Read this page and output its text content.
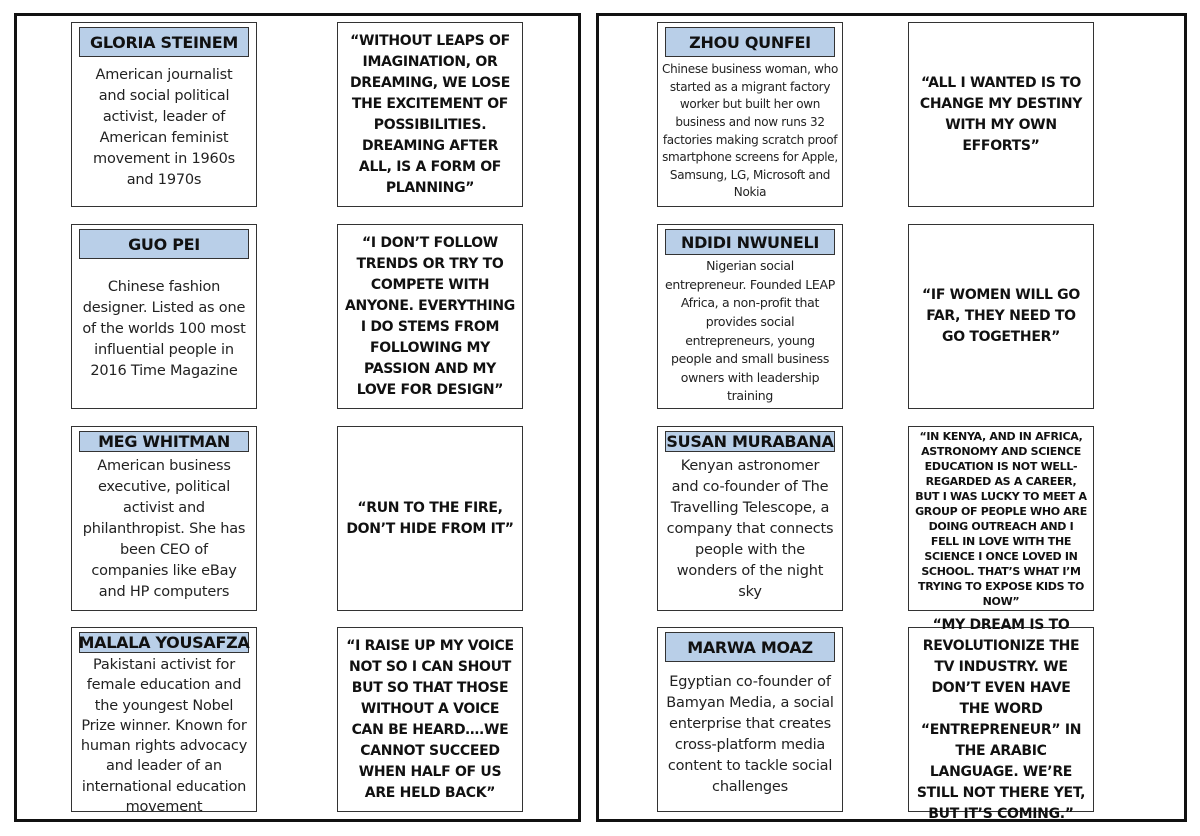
GLORIA STEINEM
American journalist and social political activist, leader of American feminist movement in 1960s and 1970s
“WITHOUT LEAPS OF IMAGINATION, OR DREAMING, WE LOSE THE EXCITEMENT OF POSSIBILITIES. DREAMING AFTER ALL, IS A FORM OF PLANNING”
GUO PEI
Chinese fashion designer. Listed as one of the worlds 100 most influential people in 2016 Time Magazine
“I DON’T FOLLOW TRENDS OR TRY TO COMPETE WITH ANYONE. EVERYTHING I DO STEMS FROM FOLLOWING MY PASSION AND MY LOVE FOR DESIGN”
MEG WHITMAN
American business executive, political activist and philanthropist. She has been CEO of companies like eBay and HP computers
“RUN TO THE FIRE, DON’T HIDE FROM IT”
MALALA YOUSAFZA
Pakistani activist for female education and the youngest Nobel Prize winner. Known for human rights advocacy and leader of an international education movement
“I RAISE UP MY VOICE NOT SO I CAN SHOUT BUT SO THAT THOSE WITHOUT A VOICE CAN BE HEARD….WE CANNOT SUCCEED WHEN HALF OF US ARE HELD BACK”
ZHOU QUNFEI
Chinese business woman, who started as a migrant factory worker but built her own business and now runs 32 factories making scratch proof smartphone screens for Apple, Samsung, LG, Microsoft and Nokia
“ALL I WANTED IS TO CHANGE MY DESTINY WITH MY OWN EFFORTS”
NDIDI NWUNELI
Nigerian social entrepreneur. Founded LEAP Africa, a non-profit that provides social entrepreneurs, young people and small business owners with leadership training
“IF WOMEN WILL GO FAR, THEY NEED TO GO TOGETHER”
SUSAN MURABANA
Kenyan astronomer and co-founder of The Travelling Telescope, a company that connects people with the wonders of the night sky
“IN KENYA, AND IN AFRICA, ASTRONOMY AND SCIENCE EDUCATION IS NOT WELL-REGARDED AS A CAREER, BUT I WAS LUCKY TO MEET A GROUP OF PEOPLE WHO ARE DOING OUTREACH AND I FELL IN LOVE WITH THE SCIENCE I ONCE LOVED IN SCHOOL. THAT’S WHAT I’M TRYING TO EXPOSE KIDS TO NOW”
MARWA MOAZ
Egyptian co-founder of Bamyan Media, a social enterprise that creates cross-platform media content to tackle social challenges
“MY DREAM IS TO REVOLUTIONIZE THE TV INDUSTRY. WE DON’T EVEN HAVE THE WORD “ENTREPRENEUR” IN THE ARABIC LANGUAGE. WE’RE STILL NOT THERE YET, BUT IT’S COMING.”
